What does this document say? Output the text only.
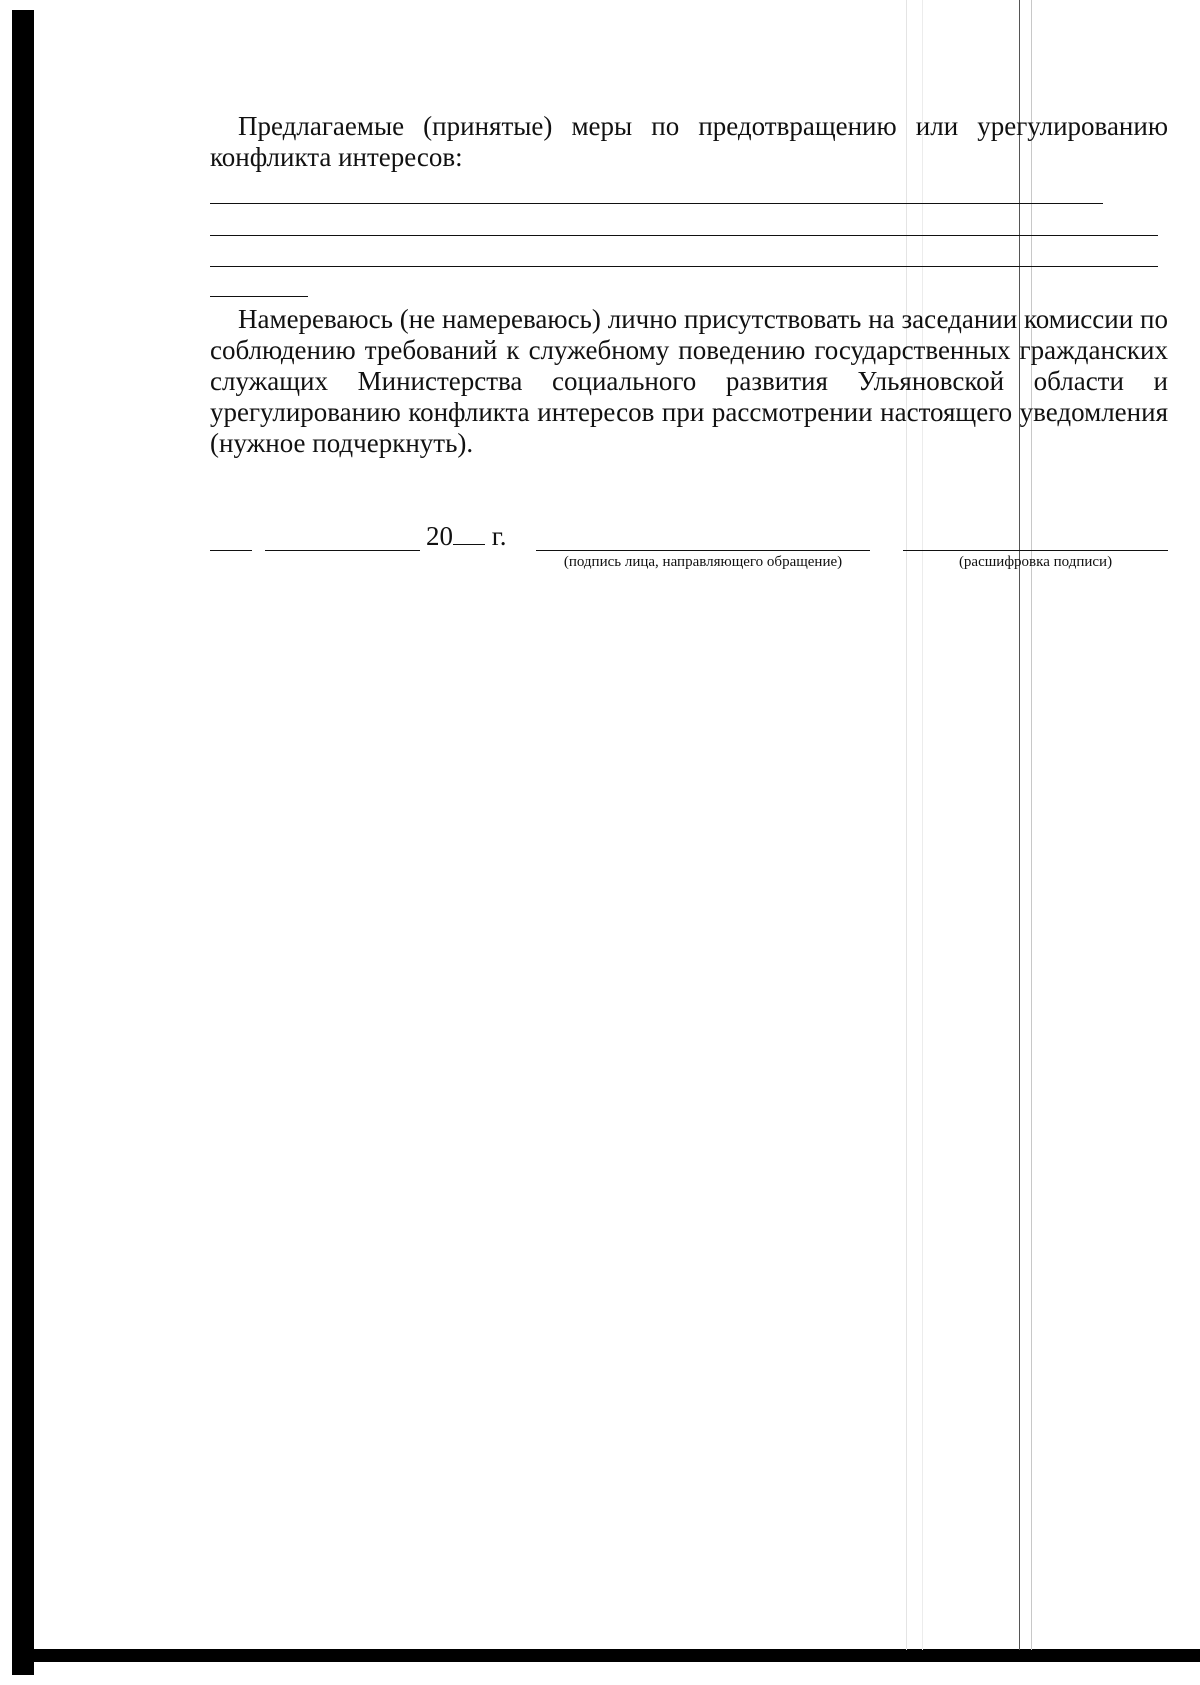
Предлагаемые (принятые) меры по предотвращению или урегулированию конфликта интересов:

Намереваюсь (не намереваюсь) лично присутствовать на заседании комиссии по соблюдению требований к служебному поведению государственных гражданских служащих Министерства социального развития Ульяновской области и урегулированию конфликта интересов при рассмотрении настоящего уведомления (нужное подчеркнуть).

20 г.
(подпись лица, направляющего обращение)	(расшифровка подписи)
